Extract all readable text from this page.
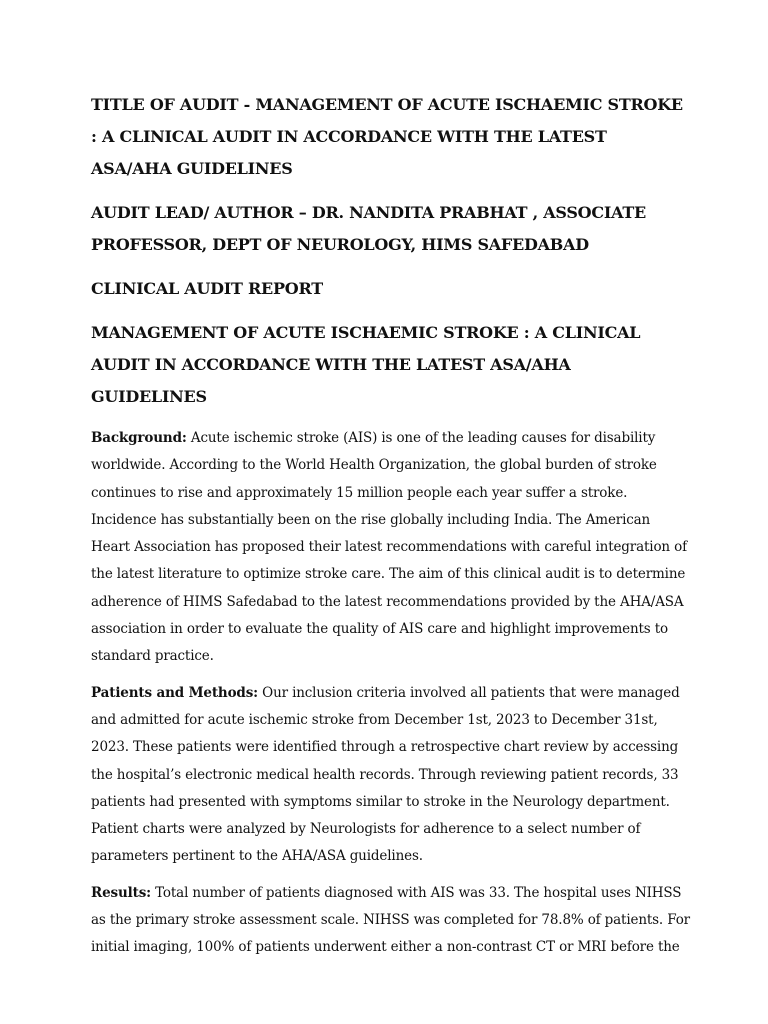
TITLE OF AUDIT - MANAGEMENT OF ACUTE ISCHAEMIC STROKE : A CLINICAL AUDIT IN ACCORDANCE WITH THE LATEST ASA/AHA GUIDELINES
AUDIT LEAD/ AUTHOR – DR. NANDITA PRABHAT , ASSOCIATE PROFESSOR, DEPT OF NEUROLOGY, HIMS SAFEDABAD
CLINICAL AUDIT REPORT
MANAGEMENT OF ACUTE ISCHAEMIC STROKE : A CLINICAL AUDIT IN ACCORDANCE WITH THE LATEST ASA/AHA GUIDELINES

Background: Acute ischemic stroke (AIS) is one of the leading causes for disability worldwide. According to the World Health Organization, the global burden of stroke continues to rise and approximately 15 million people each year suffer a stroke. Incidence has substantially been on the rise globally including India. The American Heart Association has proposed their latest recommendations with careful integration of the latest literature to optimize stroke care. The aim of this clinical audit is to determine adherence of HIMS Safedabad to the latest recommendations provided by the AHA/ASA association in order to evaluate the quality of AIS care and highlight improvements to standard practice.

Patients and Methods: Our inclusion criteria involved all patients that were managed and admitted for acute ischemic stroke from December 1st, 2023 to December 31st, 2023. These patients were identified through a retrospective chart review by accessing the hospital’s electronic medical health records. Through reviewing patient records, 33 patients had presented with symptoms similar to stroke in the Neurology department. Patient charts were analyzed by Neurologists for adherence to a select number of parameters pertinent to the AHA/ASA guidelines.

Results: Total number of patients diagnosed with AIS was 33. The hospital uses NIHSS as the primary stroke assessment scale. NIHSS was completed for 78.8% of patients. For initial imaging, 100% of patients underwent either a non-contrast CT or MRI before the
